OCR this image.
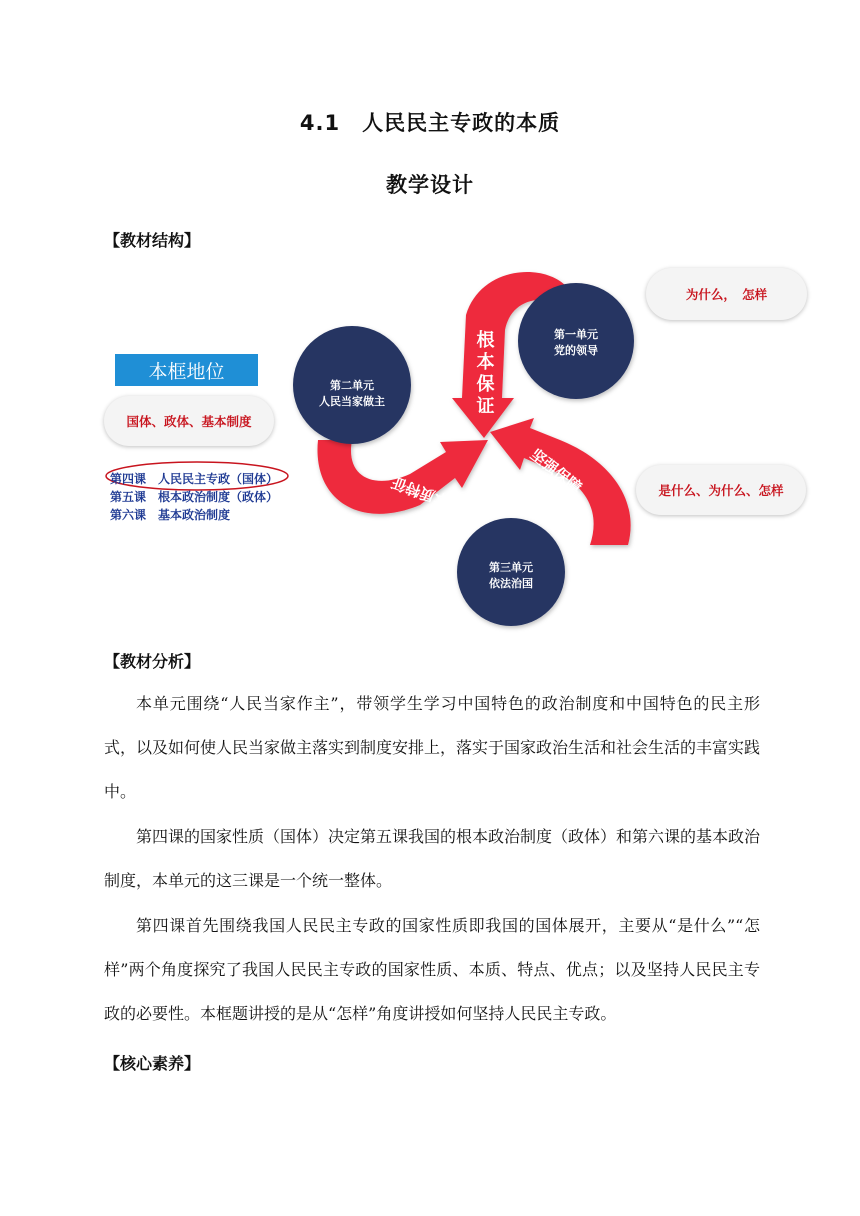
4.1　人民民主专政的本质
教学设计
【教材结构】
第一单元
党的领导
第二单元
人民当家做主
第三单元
依法治国
根本保证
本质特征	坚强保障
本框地位
国体、政体、基本制度
为什么，　怎样
是什么、为什么、怎样
第四课　人民民主专政（国体）
第五课　根本政治制度（政体）
第六课　基本政治制度
【教材分析】
本单元围绕“人民当家作主”，带领学生学习中国特色的政治制度和中国特色的民主形式，以及如何使人民当家做主落实到制度安排上，落实于国家政治生活和社会生活的丰富实践中。
第四课的国家性质（国体）决定第五课我国的根本政治制度（政体）和第六课的基本政治制度，本单元的这三课是一个统一整体。
第四课首先围绕我国人民民主专政的国家性质即我国的国体展开，主要从“是什么”“怎样”两个角度探究了我国人民民主专政的国家性质、本质、特点、优点；以及坚持人民民主专政的必要性。本框题讲授的是从“怎样”角度讲授如何坚持人民民主专政。
【核心素养】
